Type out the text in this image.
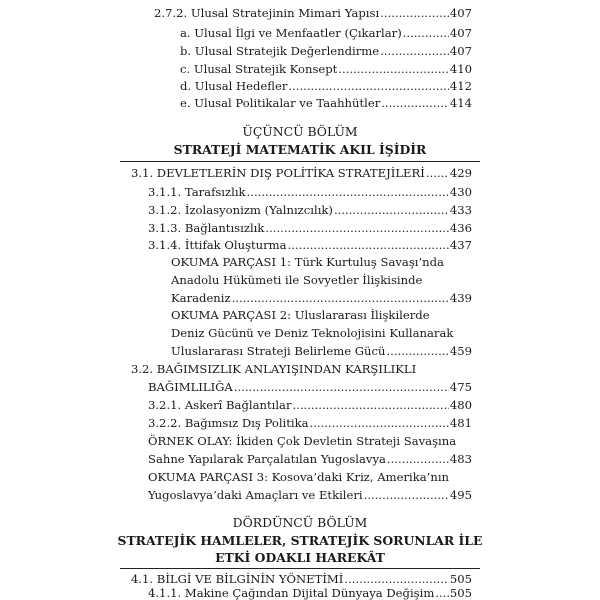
2.7.2. Ulusal Stratejinin Mimari Yapısı .....	407
a. Ulusal İlgi ve Menfaatler (Çıkarlar) .....	407
b. Ulusal Stratejik Değerlendirme .....	407
c. Ulusal Stratejik Konsept .....	410
d. Ulusal Hedefler .....	412
e. Ulusal Politikalar ve Taahhütler .....	414
ÜÇÜNCÜ BÖLÜM
STRATEJİ MATEMATİK AKIL İŞİDİR
3.1. DEVLETLERİN DIŞ POLİTİKA STRATEJİLERİ ..... 429
3.1.1. Tarafsızlık .....	430
3.1.2. İzolasyonizm (Yalnızcılık) .....	433
3.1.3. Bağlantısızlık .....	436
3.1.4. İttifak Oluşturma .....	437
OKUMA PARÇASI 1: Türk Kurtuluş Savaşı’nda
Anadolu Hükümeti ile Sovyetler İlişkisinde
Karadeniz .....	439
OKUMA PARÇASI 2: Uluslararası İlişkilerde
Deniz Gücünü ve Deniz Teknolojisini Kullanarak
Uluslararası Strateji Belirleme Gücü .....	459
3.2. BAĞIMSIZLIK ANLAYIŞINDAN KARŞILIKLI
BAĞIMLILIĞA .....	475
3.2.1. Askerî Bağlantılar .....	480
3.2.2. Bağımsız Dış Politika .....	481
ÖRNEK OLAY: İkiden Çok Devletin Strateji Savaşına
Sahne Yapılarak Parçalatılan Yugoslavya .....	483
OKUMA PARÇASI 3: Kosova’daki Kriz, Amerika’nın
Yugoslavya’daki Amaçları ve Etkileri .....	495
DÖRDÜNCÜ BÖLÜM
STRATEJİK HAMLELER, STRATEJİK SORUNLAR İLE
ETKİ ODAKLI HAREKÂT
4.1. BİLGİ VE BİLGİNİN YÖNETİMİ .....	505
4.1.1. Makine Çağından Dijital Dünyaya Değişim ..... 505
